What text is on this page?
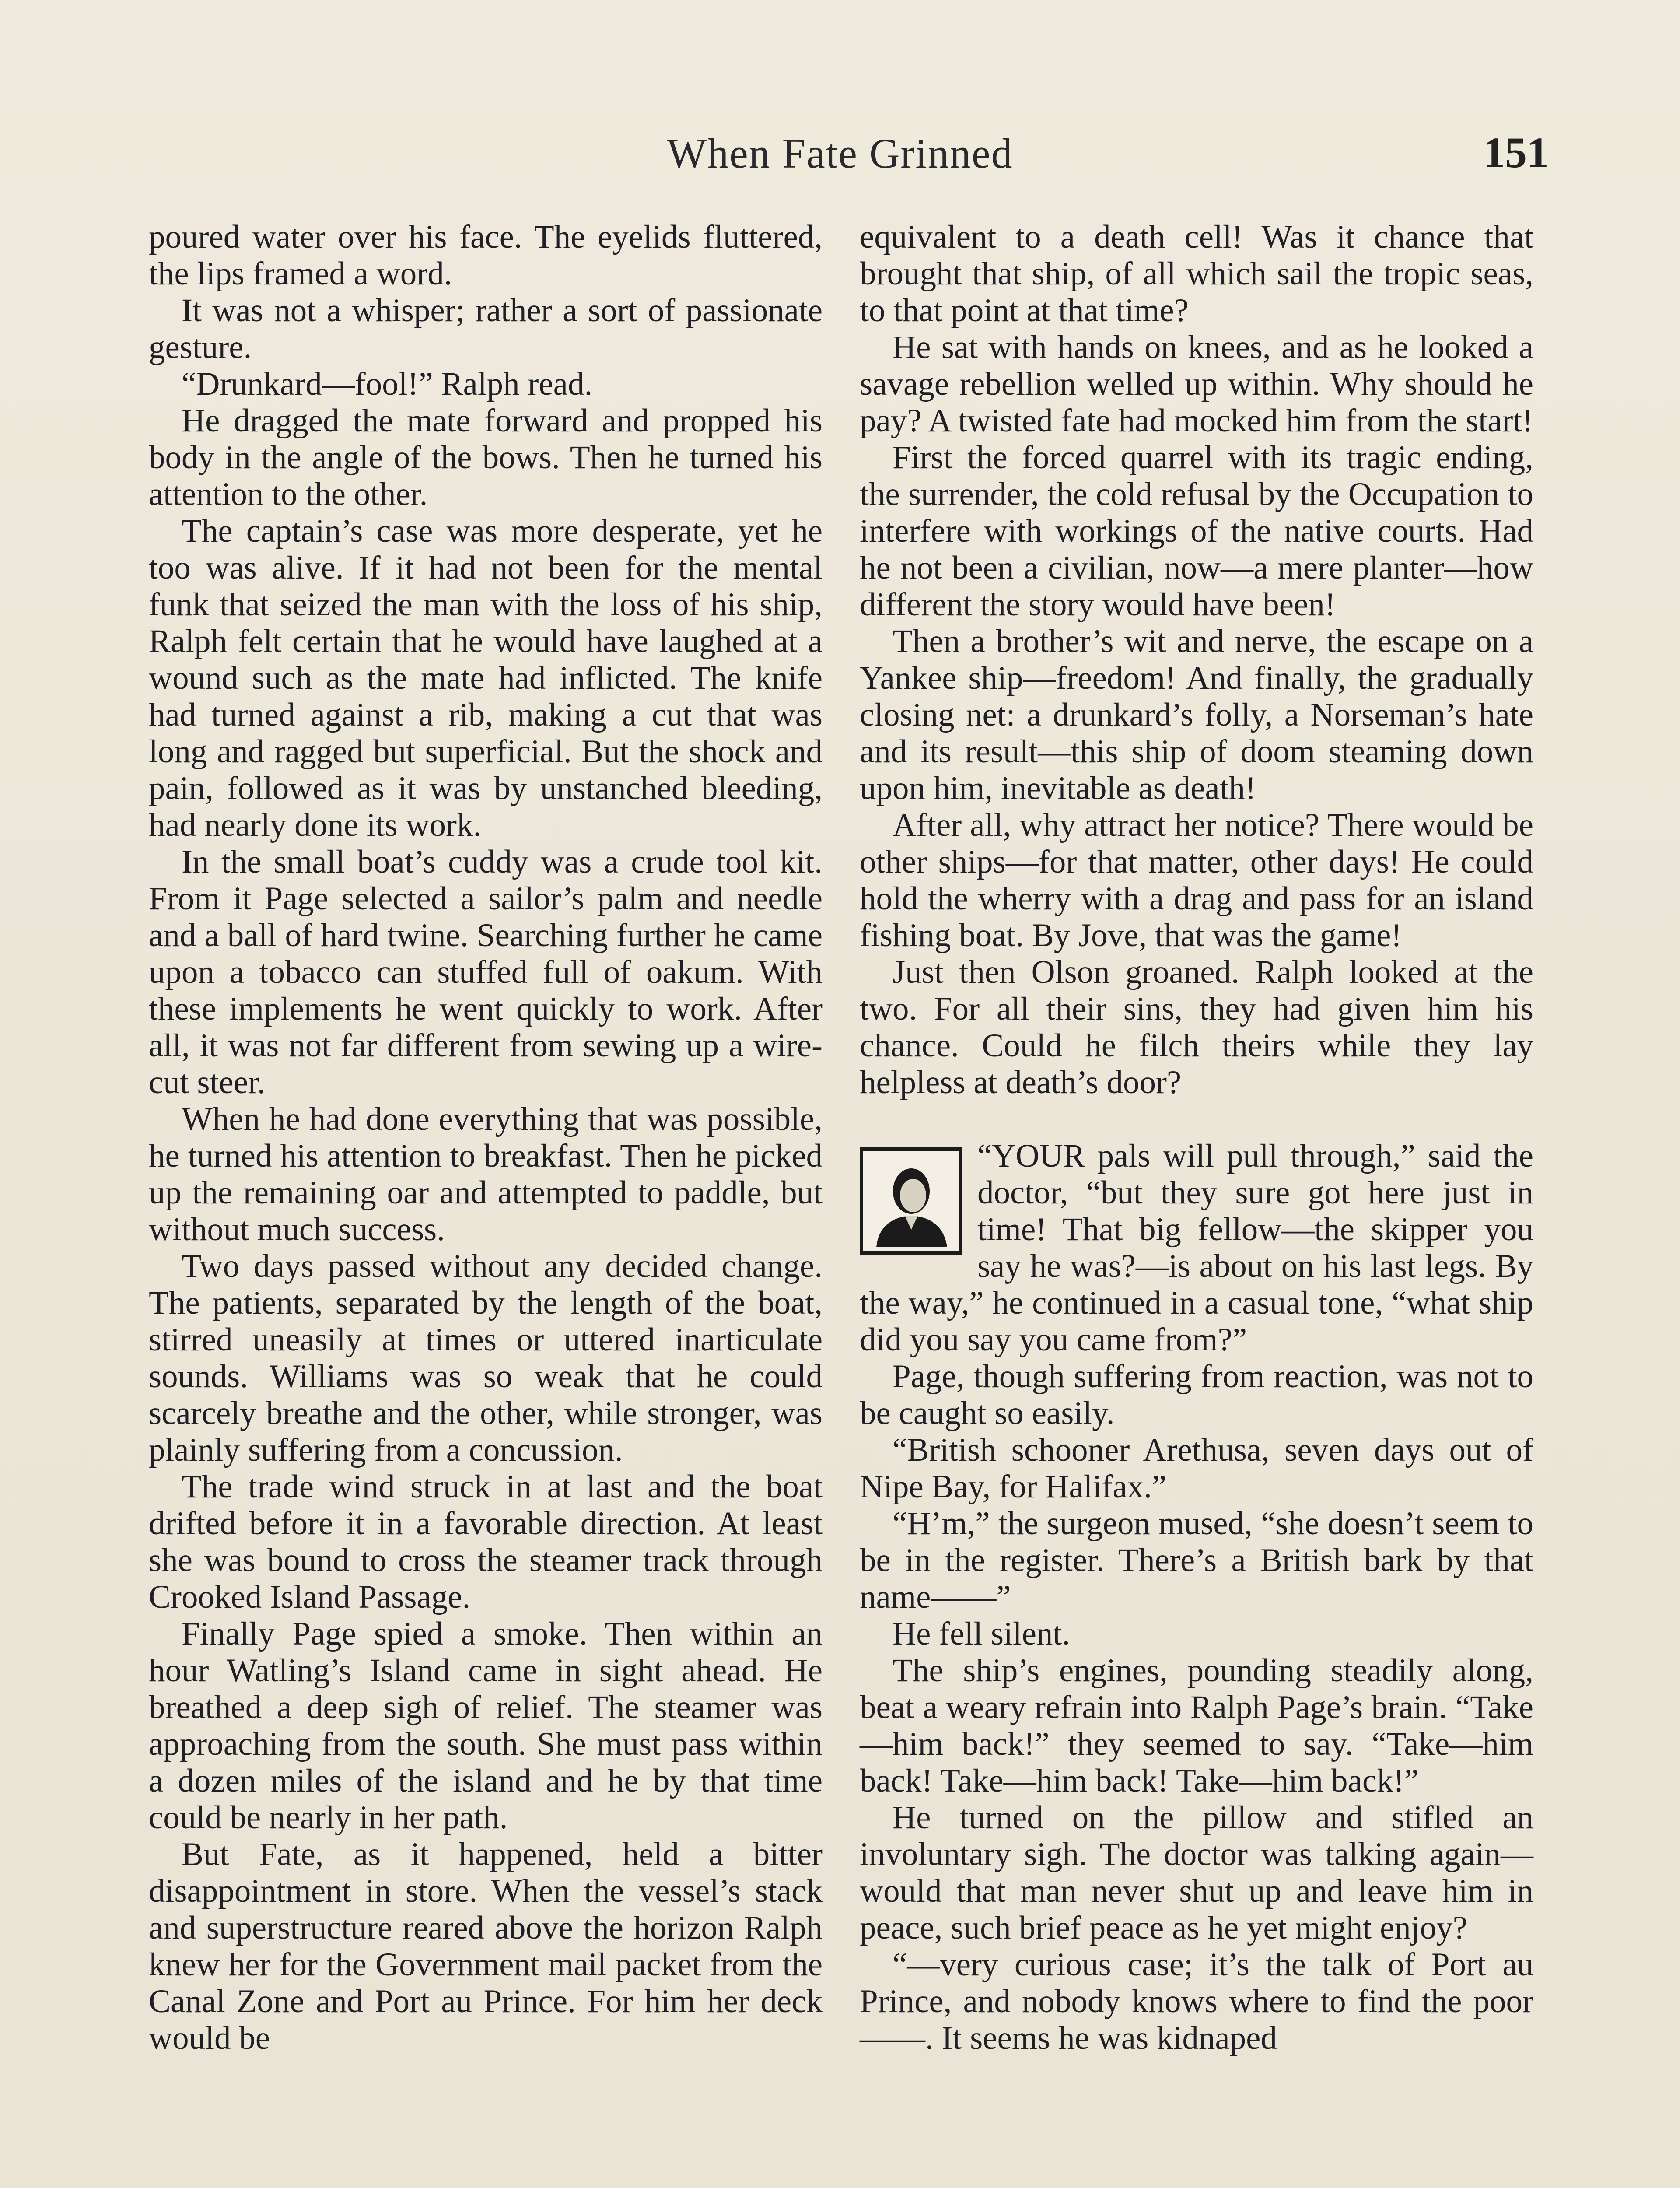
When Fate Grinned	151

poured water over his face. The eyelids fluttered, the lips framed a word.

It was not a whisper; rather a sort of passionate gesture.

“Drunkard—fool!” Ralph read.

He dragged the mate forward and propped his body in the angle of the bows. Then he turned his attention to the other.

The captain’s case was more desperate, yet he too was alive. If it had not been for the mental funk that seized the man with the loss of his ship, Ralph felt certain that he would have laughed at a wound such as the mate had inflicted. The knife had turned against a rib, making a cut that was long and ragged but superficial. But the shock and pain, followed as it was by unstanched bleeding, had nearly done its work.

In the small boat’s cuddy was a crude tool kit. From it Page selected a sailor’s palm and needle and a ball of hard twine. Searching further he came upon a tobacco can stuffed full of oakum. With these implements he went quickly to work. After all, it was not far different from sewing up a wire-cut steer.

When he had done everything that was possible, he turned his attention to breakfast. Then he picked up the remaining oar and attempted to paddle, but without much success.

Two days passed without any decided change. The patients, separated by the length of the boat, stirred uneasily at times or uttered inarticulate sounds. Williams was so weak that he could scarcely breathe and the other, while stronger, was plainly suffering from a concussion.

The trade wind struck in at last and the boat drifted before it in a favorable direction. At least she was bound to cross the steamer track through Crooked Island Passage.

Finally Page spied a smoke. Then within an hour Watling’s Island came in sight ahead. He breathed a deep sigh of relief. The steamer was approaching from the south. She must pass within a dozen miles of the island and he by that time could be nearly in her path.

But Fate, as it happened, held a bitter disappointment in store. When the vessel’s stack and superstructure reared above the horizon Ralph knew her for the Government mail packet from the Canal Zone and Port au Prince. For him her deck would be

equivalent to a death cell! Was it chance that brought that ship, of all which sail the tropic seas, to that point at that time?

He sat with hands on knees, and as he looked a savage rebellion welled up within. Why should he pay? A twisted fate had mocked him from the start!

First the forced quarrel with its tragic ending, the surrender, the cold refusal by the Occupation to interfere with workings of the native courts. Had he not been a civilian, now—a mere planter—how different the story would have been!

Then a brother’s wit and nerve, the escape on a Yankee ship—freedom! And finally, the gradually closing net: a drunkard’s folly, a Norseman’s hate and its result—this ship of doom steaming down upon him, inevitable as death!

After all, why attract her notice? There would be other ships—for that matter, other days! He could hold the wherry with a drag and pass for an island fishing boat. By Jove, that was the game!

Just then Olson groaned. Ralph looked at the two. For all their sins, they had given him his chance. Could he filch theirs while they lay helpless at death’s door?

“YOUR pals will pull through,” said the doctor, “but they sure got here just in time! That big fellow—the skipper you say he was?—is about on his last legs. By the way,” he continued in a casual tone, “what ship did you say you came from?”

Page, though suffering from reaction, was not to be caught so easily.

“British schooner Arethusa, seven days out of Nipe Bay, for Halifax.”

“H’m,” the surgeon mused, “she doesn’t seem to be in the register. There’s a British bark by that name——”

He fell silent.

The ship’s engines, pounding steadily along, beat a weary refrain into Ralph Page’s brain. “Take—him back!” they seemed to say. “Take—him back! Take—him back! Take—him back!”

He turned on the pillow and stifled an involuntary sigh. The doctor was talking again—would that man never shut up and leave him in peace, such brief peace as he yet might enjoy?

“—very curious case; it’s the talk of Port au Prince, and nobody knows where to find the poor ——. It seems he was kidnaped
